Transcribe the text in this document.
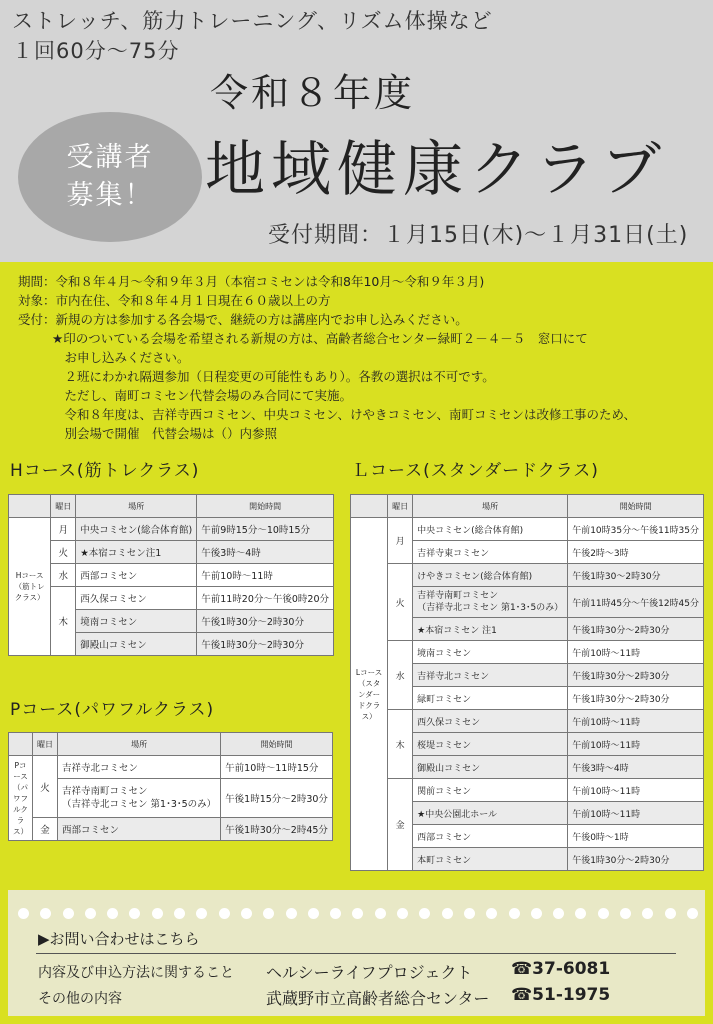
ストレッチ、筋力トレーニング、リズム体操など
１回60分～75分
令和８年度
地域健康クラブ
受講者
募集！
受付期間：１月15日(木)～１月31日(土)
期間：令和８年４月～令和９年３月（本宿コミセンは令和8年10月～令和９年３月)
対象：市内在住、令和８年４月１日現在６０歳以上の方
受付：新規の方は参加する各会場で、継続の方は講座内でお申し込みください。
★印のついている会場を希望される新規の方は、高齢者総合センター緑町２－４－５　窓口にて
　お申し込みください。
　２班にわかれ隔週参加（日程変更の可能性もあり）。各教の選択は不可です。
　ただし、南町コミセン代替会場のみ合同にて実施。
　令和８年度は、吉祥寺西コミセン、中央コミセン、けやきコミセン、南町コミセンは改修工事のため、
　別会場で開催　代替会場は（）内参照
Hコース(筋トレクラス)
	曜日	場所	開始時間
Hコース
（筋トレクラス）	月	中央コミセン(総合体育館)	午前9時15分～10時15分
	火	★本宿コミセン注1	午後3時～4時
	水	西部コミセン	午前10時～11時
	木	西久保コミセン	午前11時20分～午後0時20分
		境南コミセン	午後1時30分～2時30分
		御殿山コミセン	午後1時30分～2時30分
Pコース(パワフルクラス)
	曜日	場所	開始時間
Pコース
（パワフルクラス）	火	吉祥寺北コミセン	午前10時～11時15分
		吉祥寺南町コミセン
（吉祥寺北コミセン 第1･3･5のみ）	午後1時15分～2時30分
	金	西部コミセン	午後1時30分～2時45分
Ｌコース(スタンダードクラス)
	曜日	場所	開始時間
Lコース
（スタンダードクラス）	月	中央コミセン(総合体育館)	午前10時35分～午後11時35分
		吉祥寺東コミセン	午後2時～3時
	火	けやきコミセン(総合体育館)	午後1時30～2時30分
		吉祥寺南町コミセン
（吉祥寺北コミセン 第1･3･5のみ）	午前11時45分～午後12時45分
		★本宿コミセン 注1	午後1時30分～2時30分
	水	境南コミセン	午前10時～11時
		吉祥寺北コミセン	午後1時30分～2時30分
		緑町コミセン	午後1時30分～2時30分
	木	西久保コミセン	午前10時～11時
		桜堤コミセン	午前10時～11時
		御殿山コミセン	午後3時～4時
	金	関前コミセン	午前10時～11時
		★中央公園北ホール	午前10時～11時
		西部コミセン	午後0時～1時
		本町コミセン	午後1時30分～2時30分
▶お問い合わせはこちら
内容及び申込方法に関すること ヘルシーライフプロジェクト ☎37-6081
その他の内容	武蔵野市立高齢者総合センター ☎51-1975
